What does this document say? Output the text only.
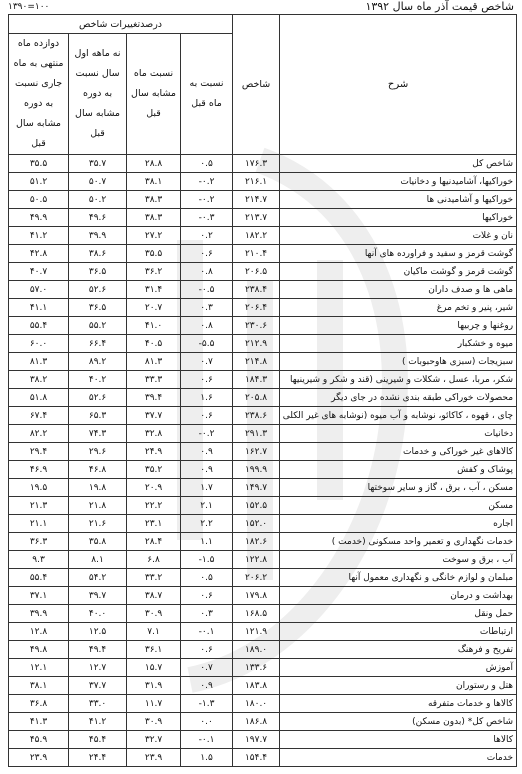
شاخص قیمت آذر ماه سال ۱۳۹۲
۱۳۹۰=۱۰۰
شرح	شاخص	درصدتغییرات شاخص			
		نسبت به ماه قبل	نسبت ماه مشابه سال قبل	نه ماهه اول سال نسبت به دوره مشابه سال قبل	دوازده ماه منتهی به ماه جاری نسبت به دوره مشابه سال قبل
شاخص کل	۱۷۶.۳	۰.۵	۲۸.۸	۳۵.۷	۳۵.۵
خوراکیها، آشامیدنیها و دخانیات	۲۱۶.۱	-۰.۲	۳۸.۱	۵۰.۷	۵۱.۲
خوراکیها و آشامیدنی ها	۲۱۴.۷	-۰.۲	۳۸.۳	۵۰.۲	۵۰.۵
خوراکیها	۲۱۳.۷	-۰.۳	۳۸.۳	۴۹.۶	۴۹.۹
نان و غلات	۱۸۲.۲	۰.۲	۲۷.۲	۳۹.۹	۴۱.۲
گوشت قرمز و سفید و فراورده های آنها	۲۱۰.۴	۰.۶	۳۵.۵	۳۸.۶	۴۲.۸
گوشت قرمز و گوشت ماکیان	۲۰۶.۵	۰.۸	۳۶.۲	۳۶.۵	۴۰.۷
ماهی ها و صدف داران	۲۳۸.۴	-۰.۵	۳۱.۴	۵۲.۶	۵۷.۰
شیر، پنیر و تخم مرغ	۲۰۶.۴	۰.۳	۲۰.۷	۳۶.۵	۴۱.۱
روغنها و چربیها	۲۳۰.۶	۰.۸	۴۱.۰	۵۵.۲	۵۵.۴
میوه و خشکبار	۲۱۲.۹	-۵.۵	۴۰.۵	۶۶.۴	۶۰.۰
سبزیجات (سبزی هاوحبوبات )	۲۱۴.۸	۰.۷	۸۱.۳	۸۹.۲	۸۱.۳
شکر، مربا، عسل ، شکلات و شیرینی (قند و شکر و شیرینیها	۱۸۴.۳	۰.۶	۳۳.۳	۴۰.۲	۳۸.۲
محصولات خوراکی طبقه بندی نشده در جای دیگر	۲۰۵.۸	۱.۶	۳۹.۴	۵۲.۶	۵۱.۸
چای ، قهوه ، کاکائو، نوشابه و آب میوه (نوشابه های غیر الکلی	۲۳۸.۶	۰.۶	۳۷.۷	۶۵.۳	۶۷.۴
دخانیات	۲۹۱.۳	-۰.۲	۳۲.۸	۷۴.۳	۸۲.۲
کالاهای غیر خوراکی و خدمات	۱۶۲.۷	۰.۹	۲۴.۹	۲۹.۶	۲۹.۴
پوشاک و کفش	۱۹۹.۹	۰.۹	۳۵.۲	۴۶.۸	۴۶.۹
مسکن ، آب ، برق ، گاز و سایر سوختها	۱۴۹.۷	۱.۷	۲۰.۹	۱۹.۸	۱۹.۵
مسکن	۱۵۲.۵	۲.۱	۲۲.۲	۲۱.۸	۲۱.۳
اجاره	۱۵۲.۰	۲.۲	۲۳.۱	۲۱.۶	۲۱.۱
خدمات نگهداری و تعمیر واحد مسکونی (خدمت )	۱۸۲.۶	۱.۱	۲۸.۴	۳۵.۸	۳۶.۳
آب ، برق و سوخت	۱۲۲.۸	-۱.۵	۶.۸	۸.۱	۹.۳
مبلمان و لوازم خانگی و نگهداری معمول آنها	۲۰۶.۲	۰.۵	۳۳.۲	۵۴.۲	۵۵.۴
بهداشت و درمان	۱۷۹.۸	۰.۶	۳۸.۷	۳۹.۷	۳۷.۱
حمل ونقل	۱۶۸.۵	۰.۳	۳۰.۹	۴۰.۰	۳۹.۹
ارتباطات	۱۲۱.۹	-۰.۱	۷.۱	۱۲.۵	۱۲.۸
تفریح و فرهنگ	۱۸۹.۰	۰.۶	۳۶.۱	۴۹.۴	۴۹.۸
آموزش	۱۳۳.۶	۰.۷	۱۵.۷	۱۲.۷	۱۲.۱
هتل و رستوران	۱۸۳.۸	۰.۹	۳۱.۹	۳۷.۷	۳۸.۱
کالاها و خدمات متفرقه	۱۸۰.۰	-۱.۳	۱۱.۷	۳۳.۰	۳۶.۸
شاخص کل* (بدون مسکن)	۱۸۶.۸	۰.۰	۳۰.۹	۴۱.۲	۴۱.۳
کالاها	۱۹۷.۷	-۰.۱	۳۲.۷	۴۵.۴	۴۵.۹
خدمات	۱۵۴.۴	۱.۵	۲۳.۹	۲۴.۴	۲۳.۹
